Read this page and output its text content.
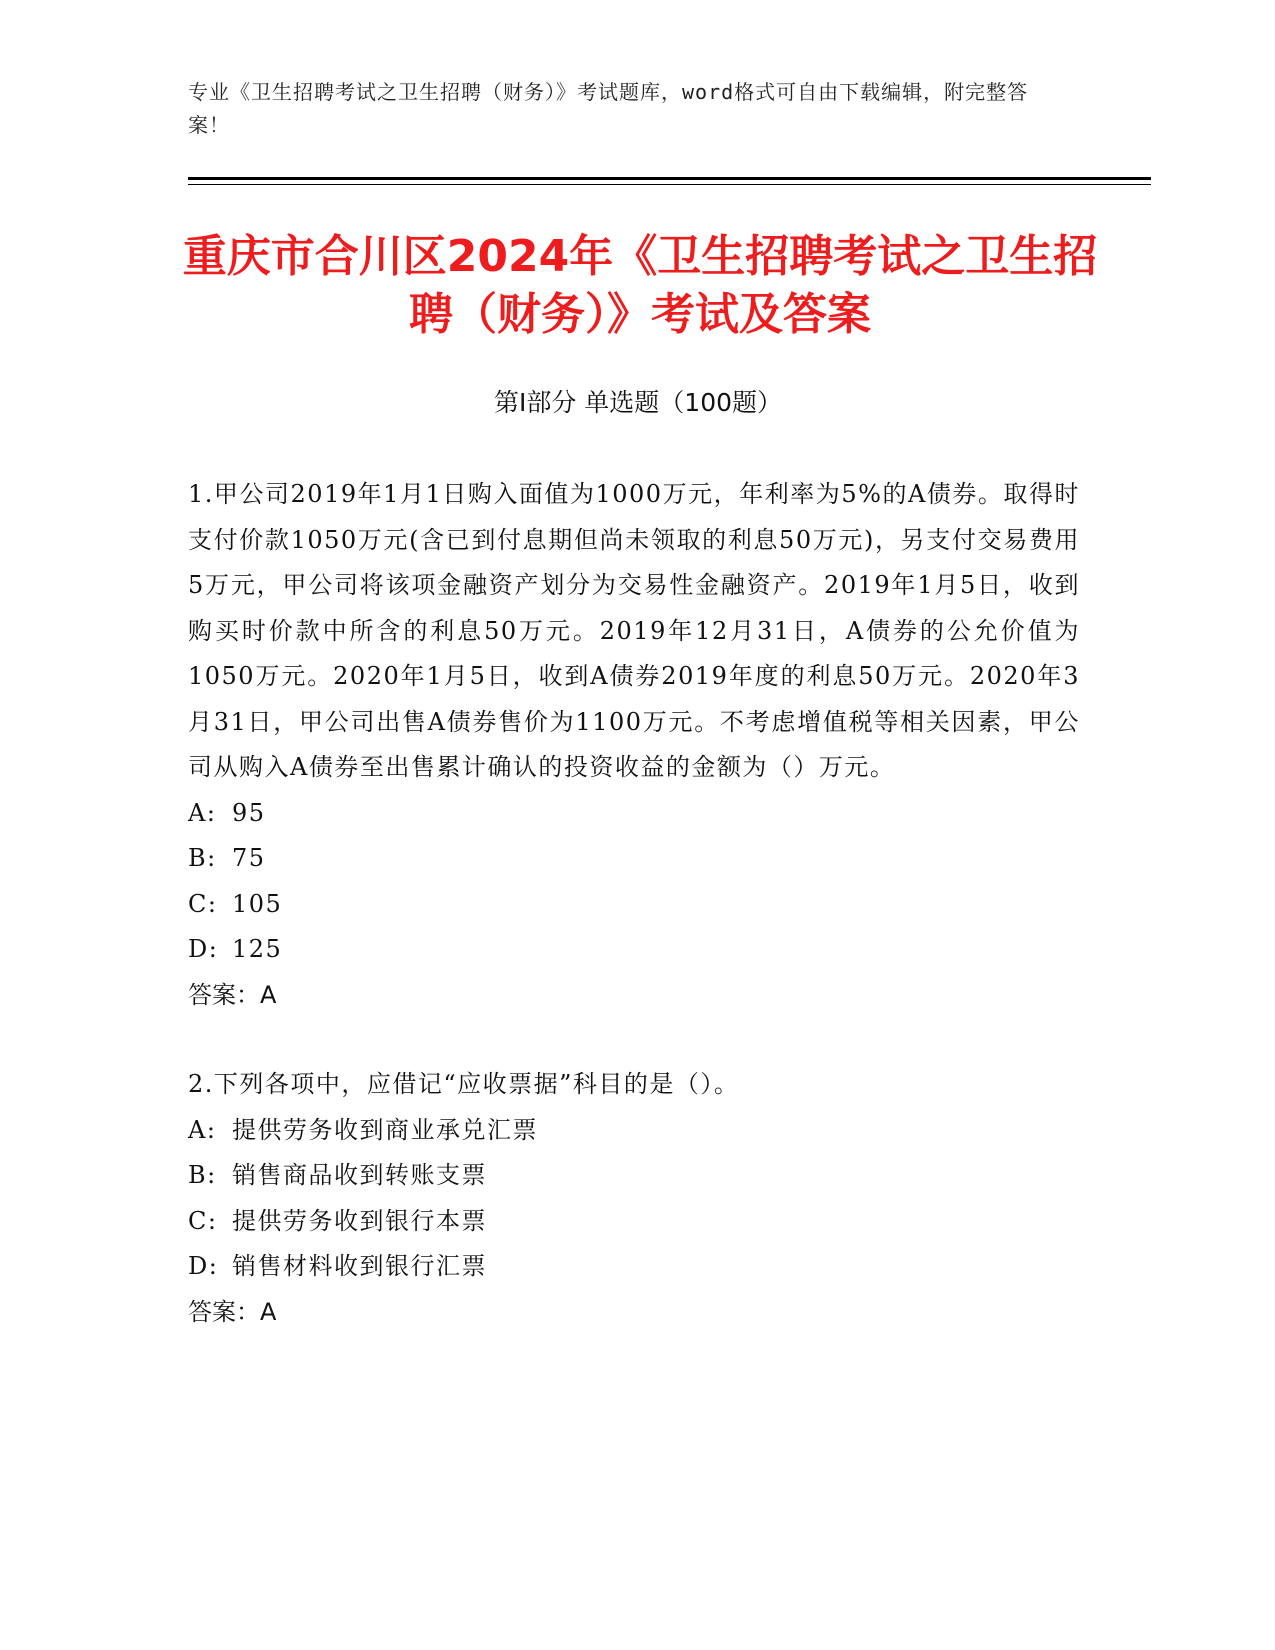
专业《卫生招聘考试之卫生招聘（财务）》考试题库，word格式可自由下载编辑，附完整答案！
重庆市合川区2024年《卫生招聘考试之卫生招聘（财务）》考试及答案
第Ⅰ部分 单选题（100题）

1.甲公司2019年1月1日购入面值为1000万元，年利率为5%的A债券。取得时支付价款1050万元(含已到付息期但尚未领取的利息50万元)，另支付交易费用5万元，甲公司将该项金融资产划分为交易性金融资产。2019年1月5日，收到购买时价款中所含的利息50万元。2019年12月31日，A债券的公允价值为1050万元。2020年1月5日，收到A债券2019年度的利息50万元。2020年3月31日，甲公司出售A债券售价为1100万元。不考虑增值税等相关因素，甲公司从购入A债券至出售累计确认的投资收益的金额为（）万元。

A: 95

B: 75

C: 105

D: 125

答案：A

2.下列各项中，应借记“应收票据”科目的是（）。

A: 提供劳务收到商业承兑汇票

B: 销售商品收到转账支票

C: 提供劳务收到银行本票

D: 销售材料收到银行汇票

答案：A
